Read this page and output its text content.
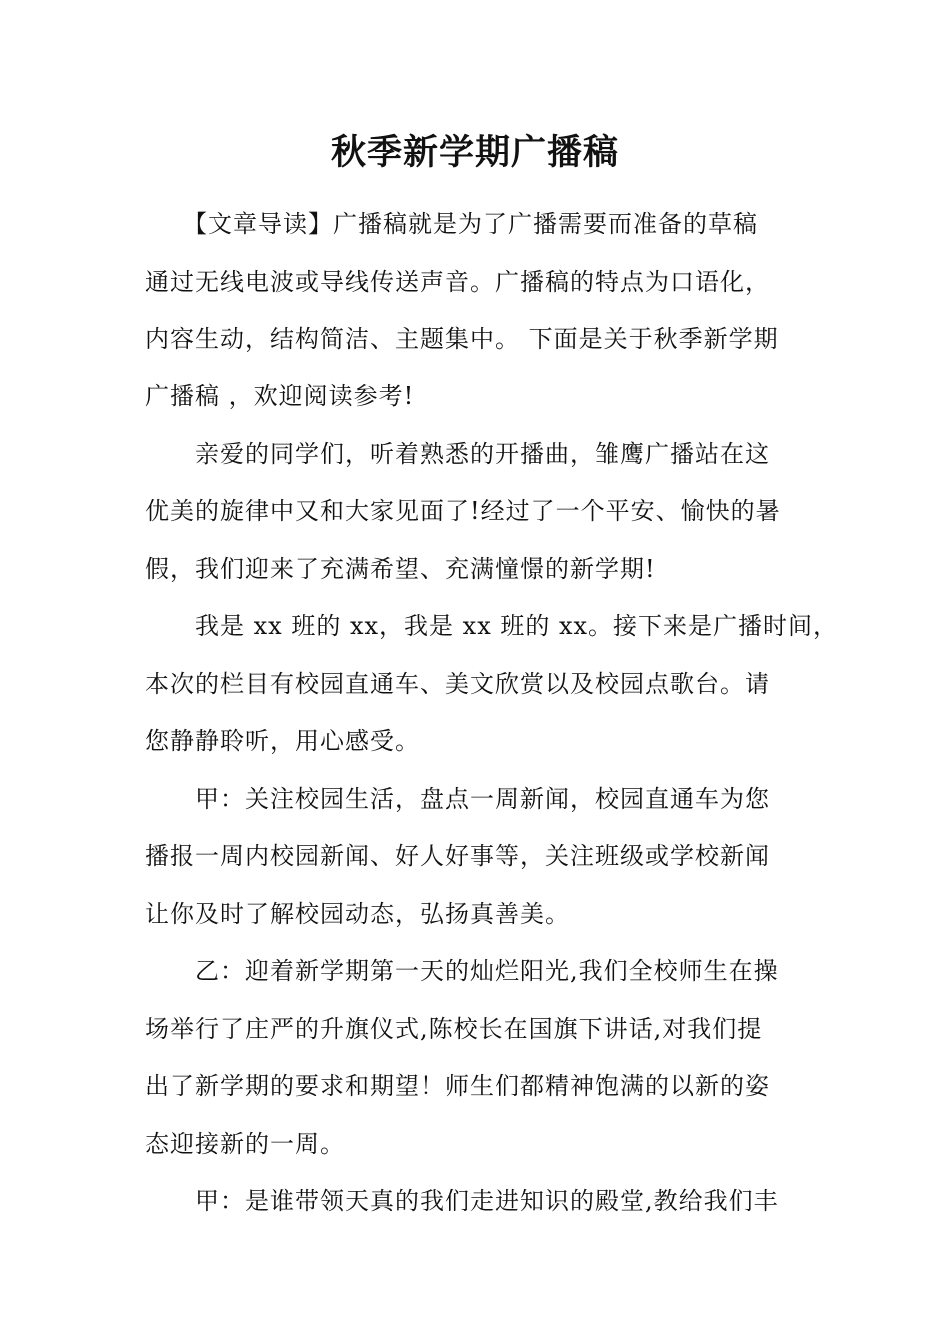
秋季新学期广播稿
　　【文章导读】广播稿就是为了广播需要而准备的草稿
通过无线电波或导线传送声音。广播稿的特点为口语化，
内容生动，结构简洁、主题集中。 下面是关于秋季新学期
广播稿 ，欢迎阅读参考!
　　亲爱的同学们，听着熟悉的开播曲，雏鹰广播站在这
优美的旋律中又和大家见面了!经过了一个平安、愉快的暑
假，我们迎来了充满希望、充满憧憬的新学期!
　　我是 xx 班的 xx，我是 xx 班的 xx。接下来是广播时间，
本次的栏目有校园直通车、美文欣赏以及校园点歌台。请
您静静聆听，用心感受。
　　甲：关注校园生活，盘点一周新闻，校园直通车为您
播报一周内校园新闻、好人好事等，关注班级或学校新闻
让你及时了解校园动态，弘扬真善美。
　　乙：迎着新学期第一天的灿烂阳光,我们全校师生在操
场举行了庄严的升旗仪式,陈校长在国旗下讲话,对我们提
出了新学期的要求和期望！师生们都精神饱满的以新的姿
态迎接新的一周。
　　甲：是谁带领天真的我们走进知识的殿堂,教给我们丰
